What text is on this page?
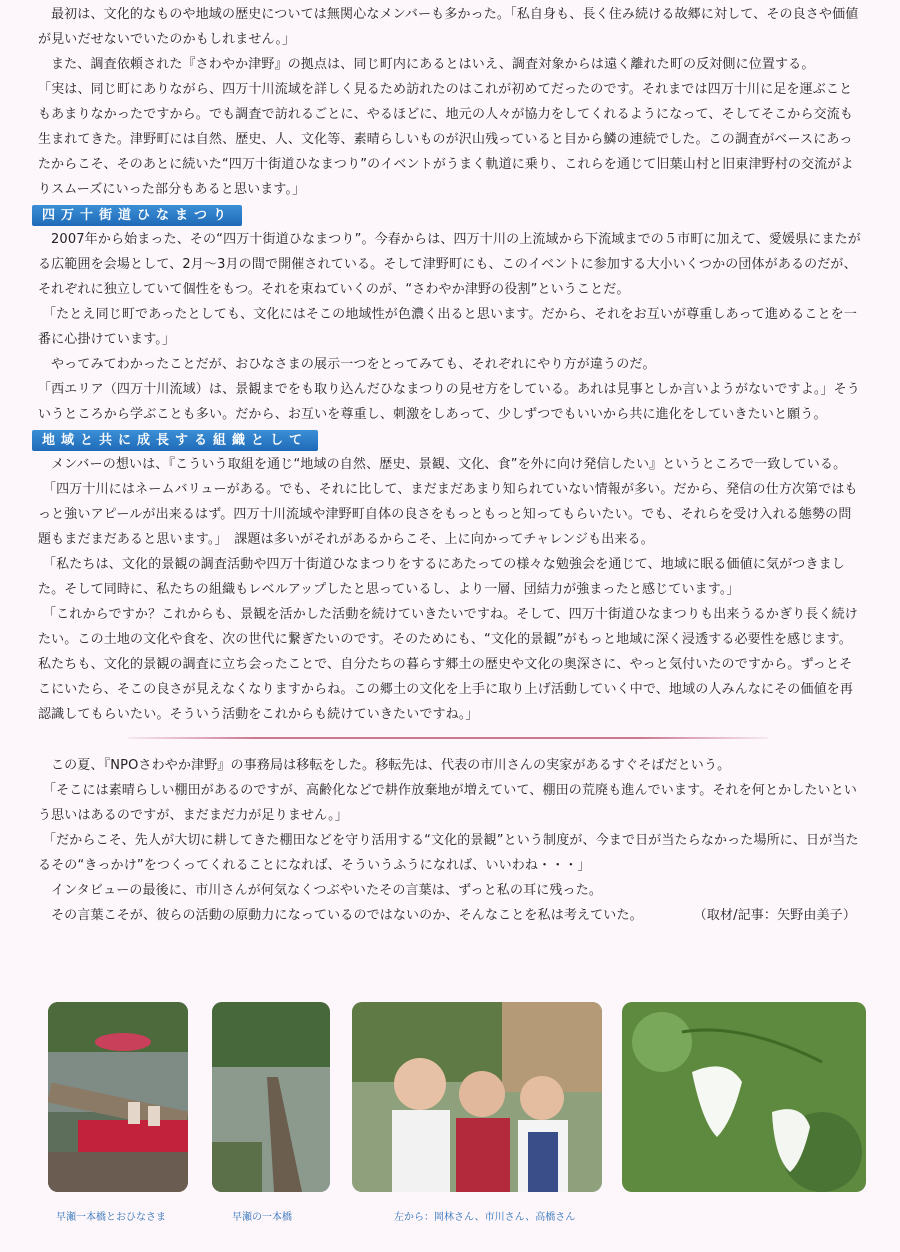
最初は、文化的なものや地域の歴史については無関心なメンバーも多かった。「私自身も、長く住み続ける故郷に対して、その良さや価値が見いだせないでいたのかもしれません。」

また、調査依頼された『さわやか津野』の拠点は、同じ町内にあるとはいえ、調査対象からは遠く離れた町の反対側に位置する。

「実は、同じ町にありながら、四万十川流域を詳しく見るため訪れたのはこれが初めてだったのです。それまでは四万十川に足を運ぶこともあまりなかったですから。でも調査で訪れるごとに、やるほどに、地元の人々が協力をしてくれるようになって、そしてそこから交流も生まれてきた。津野町には自然、歴史、人、文化等、素晴らしいものが沢山残っていると目から鱗の連続でした。この調査がベースにあったからこそ、そのあとに続いた“四万十街道ひなまつり”のイベントがうまく軌道に乗り、これらを通じて旧葉山村と旧東津野村の交流がよりスムーズにいった部分もあると思います。」

四万十街道ひなまつり

2007年から始まった、その“四万十街道ひなまつり”。今春からは、四万十川の上流域から下流域までの５市町に加えて、愛媛県にまたがる広範囲を会場として、2月～3月の間で開催されている。そして津野町にも、このイベントに参加する大小いくつかの団体があるのだが、それぞれに独立していて個性をもつ。それを束ねていくのが、“さわやか津野の役割”ということだ。

「たとえ同じ町であったとしても、文化にはそこの地域性が色濃く出ると思います。だから、それをお互いが尊重しあって進めることを一番に心掛けています。」

やってみてわかったことだが、おひなさまの展示一つをとってみても、それぞれにやり方が違うのだ。

「西エリア（四万十川流域）は、景観までをも取り込んだひなまつりの見せ方をしている。あれは見事としか言いようがないですよ。」そういうところから学ぶことも多い。だから、お互いを尊重し、刺激をしあって、少しずつでもいいから共に進化をしていきたいと願う。

地域と共に成長する組織として

メンバーの想いは、『こういう取組を通じ“地域の自然、歴史、景観、文化、食”を外に向け発信したい』というところで一致している。

「四万十川にはネームバリューがある。でも、それに比して、まだまだあまり知られていない情報が多い。だから、発信の仕方次第ではもっと強いアピールが出来るはず。四万十川流域や津野町自体の良さをもっともっと知ってもらいたい。でも、それらを受け入れる態勢の問題もまだまだあると思います。」　課題は多いがそれがあるからこそ、上に向かってチャレンジも出来る。

「私たちは、文化的景観の調査活動や四万十街道ひなまつりをするにあたっての様々な勉強会を通じて、地域に眠る価値に気がつきました。そして同時に、私たちの組織もレベルアップしたと思っているし、より一層、団結力が強まったと感じています。」

「これからですか？これからも、景観を活かした活動を続けていきたいですね。そして、四万十街道ひなまつりも出来うるかぎり長く続けたい。この土地の文化や食を、次の世代に繋ぎたいのです。そのためにも、“文化的景観”がもっと地域に深く浸透する必要性を感じます。私たちも、文化的景観の調査に立ち会ったことで、自分たちの暮らす郷土の歴史や文化の奥深さに、やっと気付いたのですから。ずっとそこにいたら、そこの良さが見えなくなりますからね。この郷土の文化を上手に取り上げ活動していく中で、地域の人みんなにその価値を再認識してもらいたい。そういう活動をこれからも続けていきたいですね。」

この夏、『NPOさわやか津野』の事務局は移転をした。移転先は、代表の市川さんの実家があるすぐそばだという。

「そこには素晴らしい棚田があるのですが、高齢化などで耕作放棄地が増えていて、棚田の荒廃も進んでいます。それを何とかしたいという思いはあるのですが、まだまだ力が足りません。」

「だからこそ、先人が大切に耕してきた棚田などを守り活用する“文化的景観”という制度が、今まで日が当たらなかった場所に、日が当たるその“きっかけ”をつくってくれることになれば、そういうふうになれば、いいわね・・・」

インタビューの最後に、市川さんが何気なくつぶやいたその言葉は、ずっと私の耳に残った。

その言葉こそが、彼らの活動の原動力になっているのではないのか、そんなことを私は考えていた。	（取材/記事：矢野由美子）

早瀬一本橋とおひなさま	早瀬の一本橋	左から：岡林さん、市川さん、高橋さん
